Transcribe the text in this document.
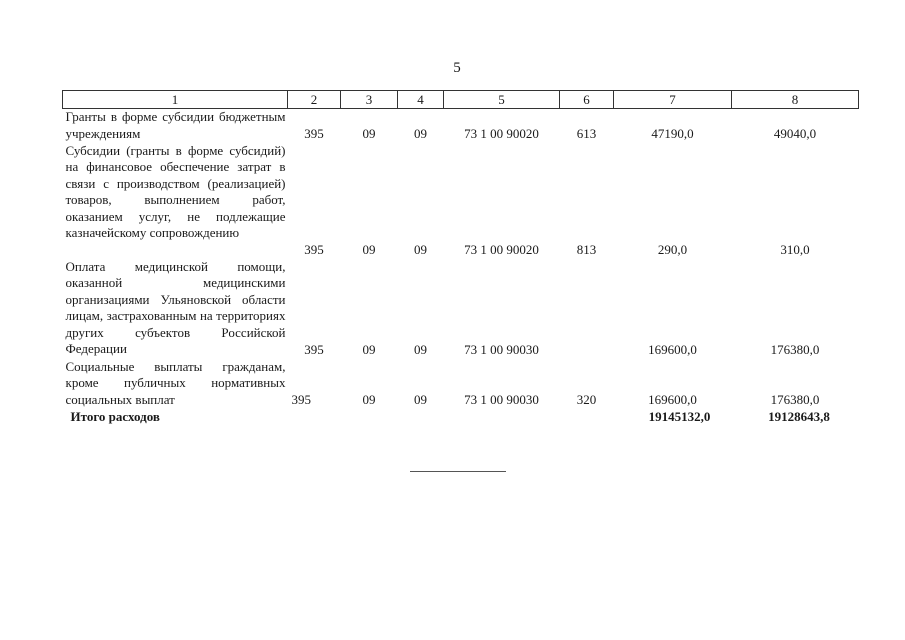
5
1	2	3	4	5	6	7	8
Гранты в форме субсидии бюджетным учреждениям	395	09	09	73 1 00 90020	613	47190,0	49040,0
Субсидии (гранты в форме субсидий) на финансовое обеспечение затрат в связи с производством (реализацией) товаров, выполнением работ, оказанием услуг, не подлежащие казначейскому сопровождению	395	09	09	73 1 00 90020	813	290,0	310,0
Оплата медицинской помощи, оказанной медицинскими организациями Ульяновской области лицам, застрахованным на территориях других субъектов Российской Федерации	395	09	09	73 1 00 90030		169600,0	176380,0
Социальные выплаты гражданам, кроме публичных нормативных социальных выплат	395	09	09	73 1 00 90030	320	169600,0	176380,0
Итого расходов						19145132,0	19128643,8
